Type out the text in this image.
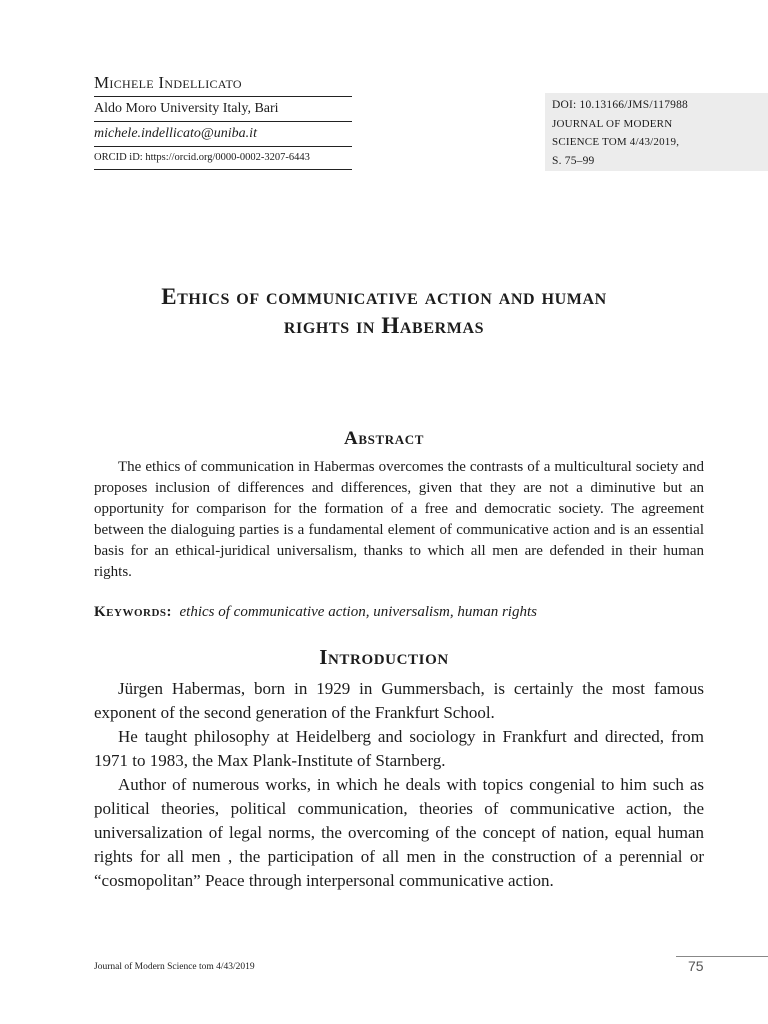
Michele Indellicato
Aldo Moro University Italy, Bari
michele.indellicato@uniba.it
ORCID iD: https://orcid.org/0000-0002-3207-6443
DOI: 10.13166/JMS/117988
JOURNAL OF MODERN
SCIENCE TOM 4/43/2019,
S. 75–99
Ethics of communicative action and human
rights in Habermas
Abstract

The ethics of communication in Habermas overcomes the contrasts of a multicultural society and proposes inclusion of differences and differences, given that they are not a diminutive but an opportunity for comparison for the formation of a free and democratic society. The agreement between the dialoguing parties is a fundamental element of communicative action and is an essential basis for an ethical-juridical universalism, thanks to which all men are defended in their human rights.

Keywords: ethics of communicative action, universalism, human rights
Introduction

Jürgen Habermas, born in 1929 in Gummersbach, is certainly the most famous exponent of the second generation of the Frankfurt School.

He taught philosophy at Heidelberg and sociology in Frankfurt and directed, from 1971 to 1983, the Max Plank-Institute of Starnberg.

Author of numerous works, in which he deals with topics congenial to him such as political theories, political communication, theories of communicative action, the universalization of legal norms, the overcoming of the concept of nation, equal human rights for all men , the participation of all men in the construction of a perennial or “cosmopolitan” Peace through interpersonal communicative action.

Journal of Modern Science tom 4/43/2019	75
